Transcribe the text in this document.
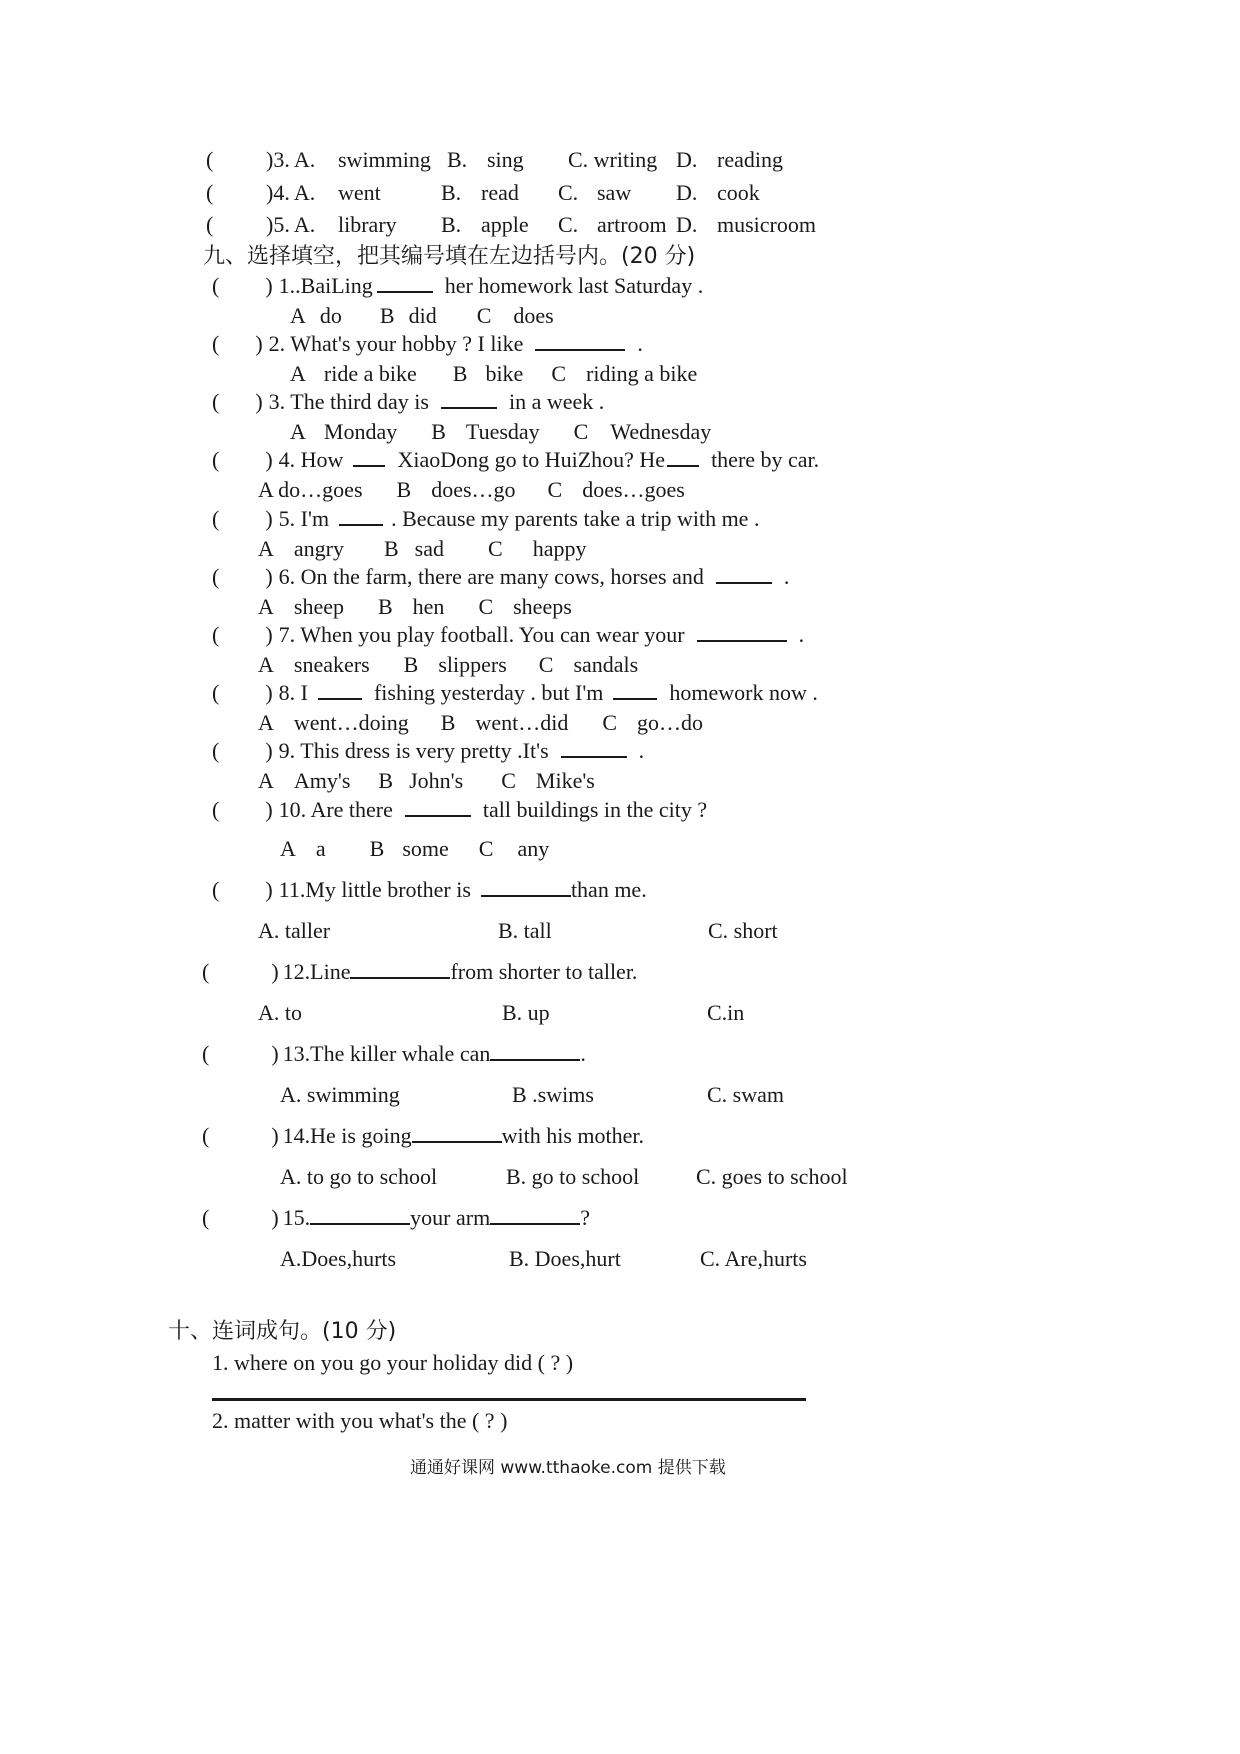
( )3. A. swimming B. sing C. writing D. reading
( )4. A. went	B. read C. saw D. cook
( )5. A. library B. apple C. artroom D. musicroom
九、选择填空，把其编号填在左边括号内。(20 分)
( ) 1..BaiLing	her homework last Saturday .
A do B did C does
( ) 2. What's your hobby ? I like	.
A ride a bike B bike C riding a bike
( ) 3. The third day is	in a week .
A Monday B Tuesday C Wednesday
( ) 4. How XiaoDong go to HuiZhou? He there by car.
A do…goes B does…go C does…goes
( ) 5. I'm	. Because my parents take a trip with me .
A angry B sad C happy
( ) 6. On the farm, there are many cows, horses and	.
A sheep B hen C sheeps
( ) 7. When you play football. You can wear your	.
A sneakers B slippers C sandals
( ) 8. I	fishing yesterday . but I'm	homework now .
A went…doing B went…did C go…do
( ) 9. This dress is very pretty .It's	.
A Amy's B John's C Mike's
( ) 10. Are there	tall buildings in the city ?
A a B some C any
( ) 11.My little brother is	than me.
A. taller	B. tall	C. short
(	) 12.Line	from shorter to taller.
A. to	B. up	C.in
(	) 13.The killer whale can	.
A. swimming	B .swims	C. swam
(	) 14.He is going	with his mother.
A. to go to school	B. go to school	C. goes to school
(	) 15.	your arm	?
A.Does,hurts	B. Does,hurt	C. Are,hurts
十、连词成句。(10 分)
1. where on you go your holiday did ( ? )
2. matter with you what's the ( ? )
通通好课网 www.tthaoke.com 提供下载
